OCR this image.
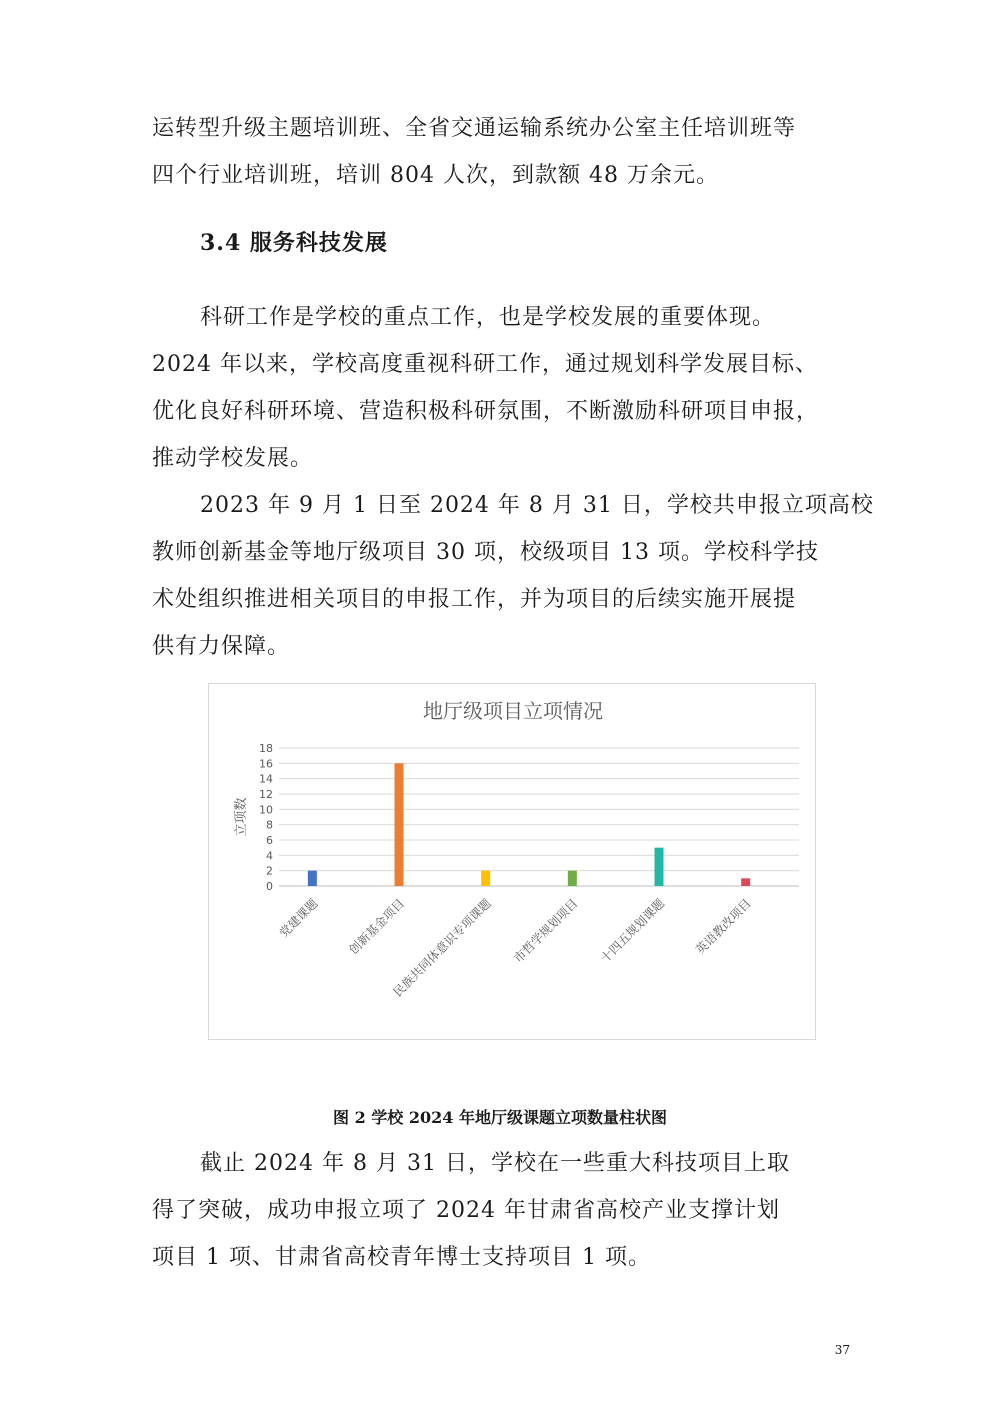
运转型升级主题培训班、全省交通运输系统办公室主任培训班等
四个行业培训班，培训 804 人次，到款额 48 万余元。

3.4 服务科技发展

科研工作是学校的重点工作，也是学校发展的重要体现。
2024 年以来，学校高度重视科研工作，通过规划科学发展目标、
优化良好科研环境、营造积极科研氛围，不断激励科研项目申报，
推动学校发展。

2023 年 9 月 1 日至 2024 年 8 月 31 日，学校共申报立项高校
教师创新基金等地厅级项目 30 项，校级项目 13 项。学校科学技
术处组织推进相关项目的申报工作，并为项目的后续实施开展提
供有力保障。

地厅级项目立项情况
立项数
0
2
4
6
8
10
12
14
16
18
党建课题 创新基金项目
民族共同体意识专项课题 市哲学规划项目 十四五规划课题 英语教改项目

图 2 学校 2024 年地厅级课题立项数量柱状图

截止 2024 年 8 月 31 日，学校在一些重大科技项目上取
得了突破，成功申报立项了 2024 年甘肃省高校产业支撑计划
项目 1 项、甘肃省高校青年博士支持项目 1 项。

37
